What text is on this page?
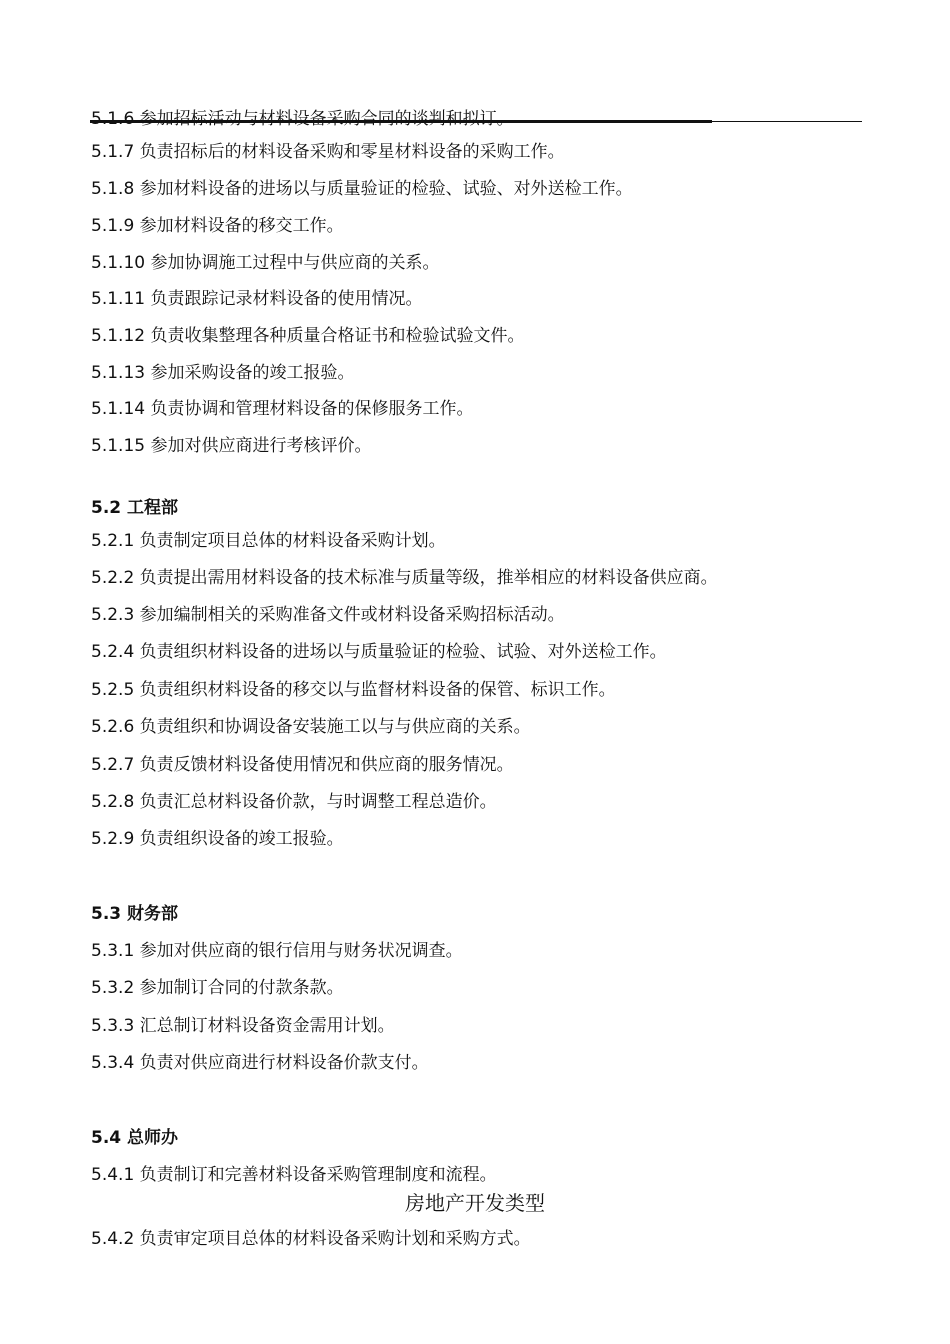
5.1.6 参加招标活动与材料设备采购合同的谈判和拟订。
5.1.7 负责招标后的材料设备采购和零星材料设备的采购工作。
5.1.8 参加材料设备的进场以与质量验证的检验、试验、对外送检工作。
5.1.9 参加材料设备的移交工作。
5.1.10 参加协调施工过程中与供应商的关系。
5.1.11 负责跟踪记录材料设备的使用情况。
5.1.12 负责收集整理各种质量合格证书和检验试验文件。
5.1.13 参加采购设备的竣工报验。
5.1.14 负责协调和管理材料设备的保修服务工作。
5.1.15 参加对供应商进行考核评价。
5.2 工程部
5.2.1 负责制定项目总体的材料设备采购计划。
5.2.2 负责提出需用材料设备的技术标准与质量等级，推举相应的材料设备供应商。
5.2.3 参加编制相关的采购准备文件或材料设备采购招标活动。
5.2.4 负责组织材料设备的进场以与质量验证的检验、试验、对外送检工作。
5.2.5 负责组织材料设备的移交以与监督材料设备的保管、标识工作。
5.2.6 负责组织和协调设备安装施工以与与供应商的关系。
5.2.7 负责反馈材料设备使用情况和供应商的服务情况。
5.2.8 负责汇总材料设备价款，与时调整工程总造价。
5.2.9 负责组织设备的竣工报验。
5.3 财务部
5.3.1 参加对供应商的银行信用与财务状况调查。
5.3.2 参加制订合同的付款条款。
5.3.3 汇总制订材料设备资金需用计划。
5.3.4 负责对供应商进行材料设备价款支付。
5.4 总师办
5.4.1 负责制订和完善材料设备采购管理制度和流程。
房地产开发类型
5.4.2 负责审定项目总体的材料设备采购计划和采购方式。
